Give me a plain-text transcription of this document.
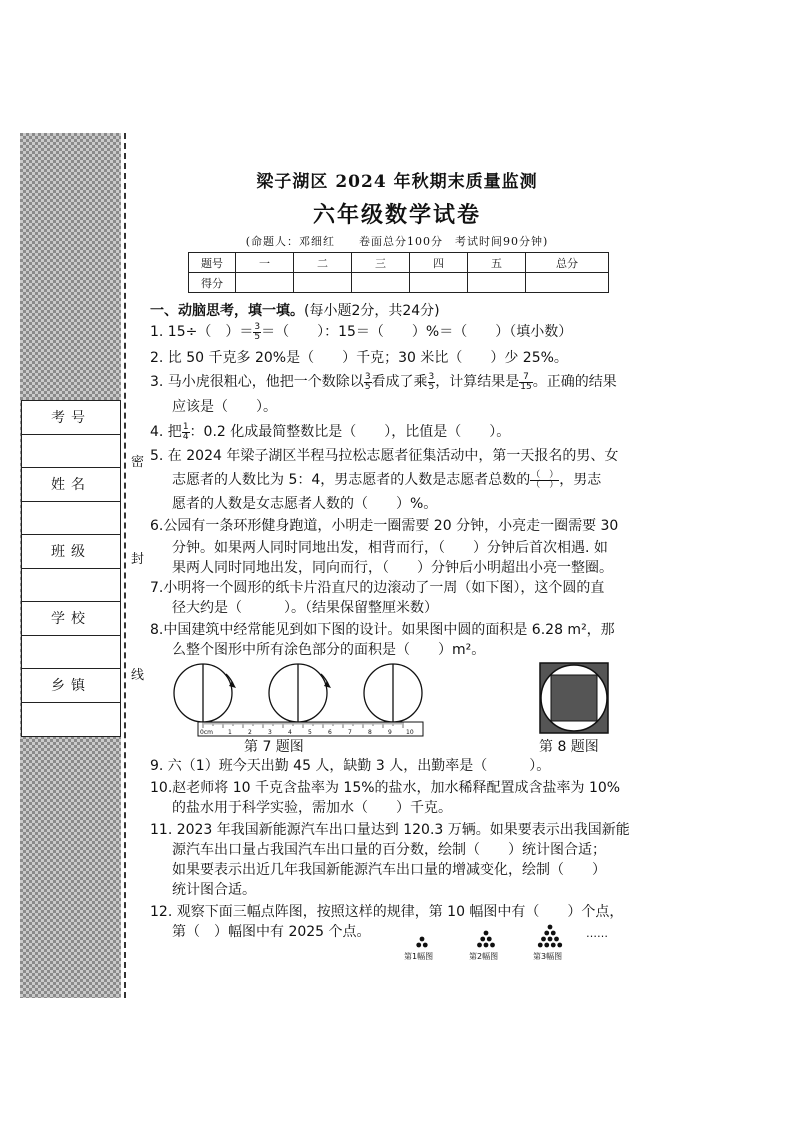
考号
姓名
班级
学校
乡镇
密
封
线
梁子湖区 2024 年秋期末质量监测
六年级数学试卷
(命题人：邓细红　　卷面总分100分　考试时间90分钟)
题号	一	二	三	四	五	总分
得分						
一、动脑思考，填一填。(每小题2分，共24分)
1. 15÷（　）＝ $\frac{3}{5}$ ＝（　　）：15＝（　　）%＝（　　）（填小数）
2. 比 50 千克多 20%是（　　）千克；30 米比（　　）少 25%。
3. 马小虎很粗心，他把一个数除以 $\frac{3}{5}$ 看成了乘 $\frac{3}{5}$ ，计算结果是 $\frac{7}{15}$ 。正确的结果
应该是（　　）。
4. 把 $\frac{1}{4}$ ：0.2 化成最简整数比是（　　），比值是（　　）。
5. 在 2024 年梁子湖区半程马拉松志愿者征集活动中，第一天报名的男、女
志愿者的人数比为 5：4，男志愿者的人数是志愿者总数的 （　）
（　） ，男志
愿者的人数是女志愿者人数的（　　）%。
6.公园有一条环形健身跑道，小明走一圈需要 20 分钟，小亮走一圈需要 30
分钟。如果两人同时同地出发，相背而行，（　　）分钟后首次相遇. 如
果两人同时同地出发，同向而行，（　　）分钟后小明超出小亮一整圈。
7.小明将一个圆形的纸卡片沿直尺的边滚动了一周（如下图），这个圆的直
径大约是（　　　）。（结果保留整厘米数）
8.中国建筑中经常能见到如下图的设计。如果图中圆的面积是 6.28 m²，那
么整个图形中所有涂色部分的面积是（　　）m²。
0cm	1	2	3	4	5	6	7	8	9 10
第 7 题图	第 8 题图
9. 六（1）班今天出勤 45 人，缺勤 3 人，出勤率是（　　　）。
10.赵老师将 10 千克含盐率为 15%的盐水，加水稀释配置成含盐率为 10%
的盐水用于科学实验，需加水（　　）千克。
11. 2023 年我国新能源汽车出口量达到 120.3 万辆。如果要表示出我国新能
源汽车出口量占我国汽车出口量的百分数，绘制（　　）统计图合适；
如果要表示出近几年我国新能源汽车出口量的增减变化，绘制（　　）
统计图合适。
12. 观察下面三幅点阵图，按照这样的规律，第 10 幅图中有（　　）个点，
第（　）幅图中有 2025 个点。
第1幅图	第2幅图	第3幅图
……
